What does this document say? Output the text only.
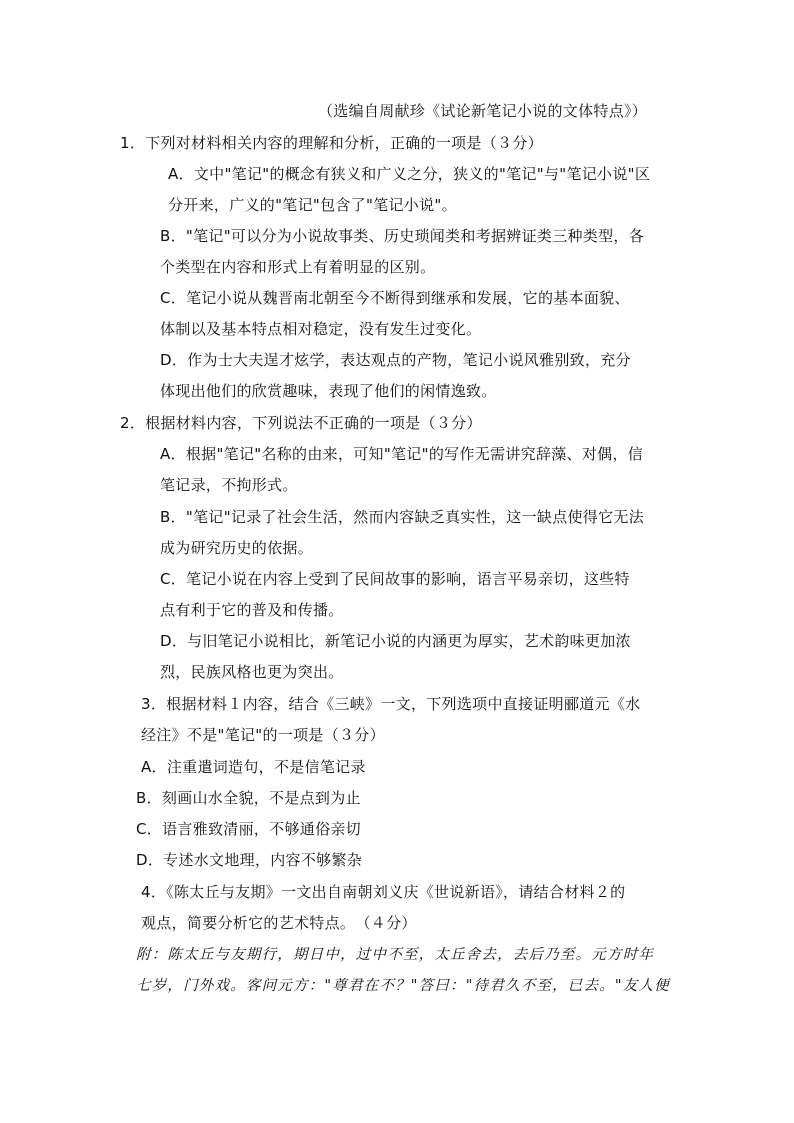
（选编自周献珍《试论新笔记小说的文体特点》）
1．下列对材料相关内容的理解和分析，正确的一项是（３分）
A．文中"笔记"的概念有狭义和广义之分，狭义的"笔记"与"笔记小说"区
分开来，广义的"笔记"包含了"笔记小说"。
B．"笔记"可以分为小说故事类、历史琐闻类和考据辨证类三种类型，各
个类型在内容和形式上有着明显的区别。
C．笔记小说从魏晋南北朝至今不断得到继承和发展，它的基本面貌、
体制以及基本特点相对稳定，没有发生过变化。
D．作为士大夫逞才炫学，表达观点的产物，笔记小说风雅别致，充分
体现出他们的欣赏趣味，表现了他们的闲情逸致。
2．根据材料内容，下列说法不正确的一项是（３分）
A．根据"笔记"名称的由来，可知"笔记"的写作无需讲究辞藻、对偶，信
笔记录，不拘形式。
B．"笔记"记录了社会生活，然而内容缺乏真实性，这一缺点使得它无法
成为研究历史的依据。
C．笔记小说在内容上受到了民间故事的影响，语言平易亲切，这些特
点有利于它的普及和传播。
D．与旧笔记小说相比，新笔记小说的内涵更为厚实，艺术韵味更加浓
烈，民族风格也更为突出。
3．根据材料１内容，结合《三峡》一文，下列选项中直接证明郦道元《水
经注》不是"笔记"的一项是（３分）
A．注重遣词造句，不是信笔记录
B．刻画山水全貌，不是点到为止
C．语言雅致清丽，不够通俗亲切
D．专述水文地理，内容不够繁杂
4．《陈太丘与友期》一文出自南朝刘义庆《世说新语》，请结合材料２的
观点，简要分析它的艺术特点。　（４分）
附：陈太丘与友期行，期日中，过中不至，太丘舍去，去后乃至。元方时年
七岁，门外戏。客问元方："尊君在不？"答曰："待君久不至，已去。"友人便
